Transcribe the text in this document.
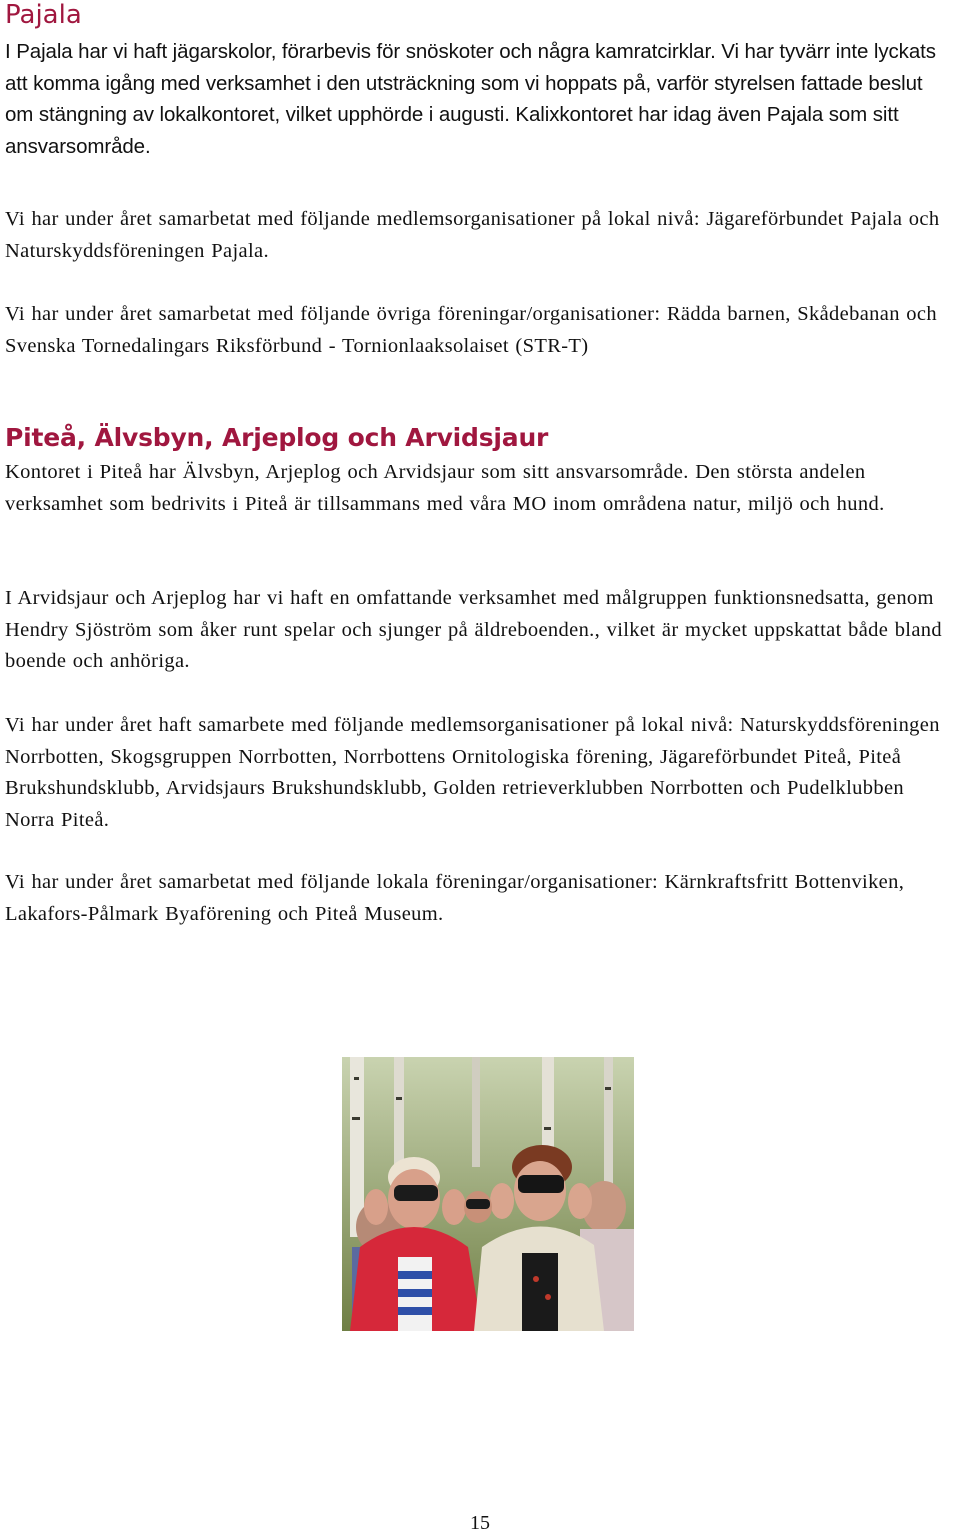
Pajala

I Pajala har vi haft jägarskolor, förarbevis för snöskoter och några kamratcirklar. Vi har tyvärr inte lyckats att komma igång med verksamhet i den utsträckning som vi hoppats på, varför styrelsen fattade beslut om stängning av lokalkontoret, vilket upphörde i augusti. Kalixkontoret har idag även Pajala som sitt ansvarsområde.

Vi har under året samarbetat med följande medlemsorganisationer på lokal nivå: Jägareförbundet Pajala och Naturskyddsföreningen Pajala.

Vi har under året samarbetat med följande övriga föreningar/organisationer: Rädda barnen, Skådebanan och Svenska Tornedalingars Riksförbund - Tornionlaaksolaiset (STR-T)

Piteå, Älvsbyn, Arjeplog och Arvidsjaur

Kontoret i Piteå har Älvsbyn, Arjeplog och Arvidsjaur som sitt ansvarsområde. Den största andelen verksamhet som bedrivits i Piteå är tillsammans med våra MO inom områdena natur, miljö och hund.

I Arvidsjaur och Arjeplog har vi haft en omfattande verksamhet med målgruppen funktionsnedsatta, genom Hendry Sjöström som åker runt spelar och sjunger på äldreboenden., vilket är mycket uppskattat både bland boende och anhöriga.

Vi har under året haft samarbete med följande medlemsorganisationer på lokal nivå: Naturskyddsföreningen Norrbotten, Skogsgruppen Norrbotten, Norrbottens Ornitologiska förening, Jägareförbundet Piteå, Piteå Brukshundsklubb, Arvidsjaurs Brukshundsklubb, Golden retrieverklubben Norrbotten och Pudelklubben Norra Piteå.

Vi har under året samarbetat med följande lokala föreningar/organisationer: Kärnkraftsfritt Bottenviken, Lakafors-Pålmark Byaförening och Piteå Museum.

15
